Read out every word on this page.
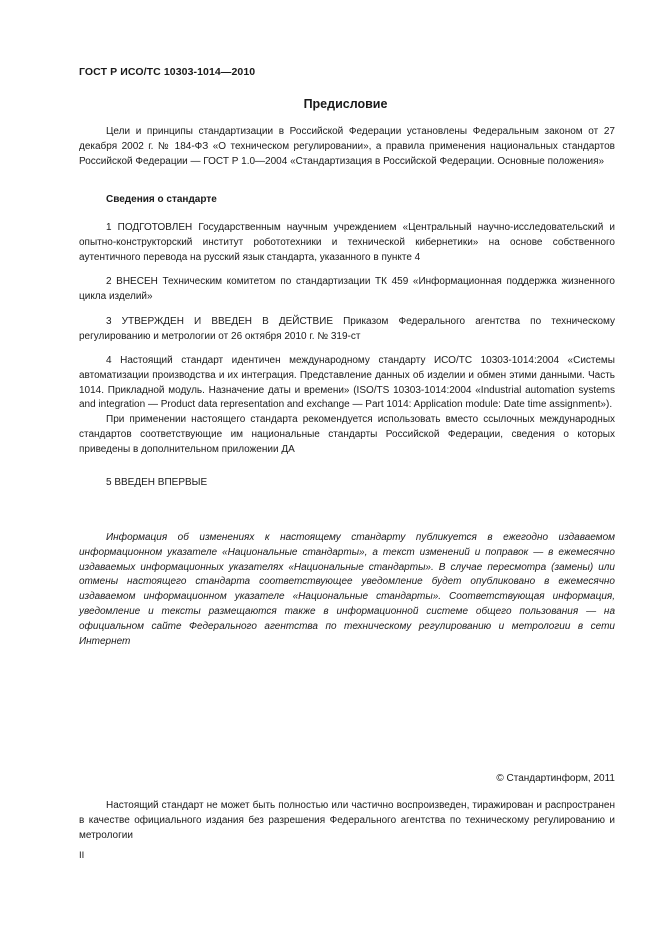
ГОСТ Р ИСО/ТС 10303-1014—2010
Предисловие

Цели и принципы стандартизации в Российской Федерации установлены Федеральным законом от 27 декабря 2002 г. № 184-ФЗ «О техническом регулировании», а правила применения национальных стандартов Российской Федерации — ГОСТ Р 1.0—2004 «Стандартизация в Российской Федерации. Основные положения»

Сведения о стандарте

1 ПОДГОТОВЛЕН Государственным научным учреждением «Центральный научно-исследовательский и опытно-конструкторский институт робототехники и технической кибернетики» на основе собственного аутентичного перевода на русский язык стандарта, указанного в пункте 4

2 ВНЕСЕН Техническим комитетом по стандартизации ТК 459 «Информационная поддержка жизненного цикла изделий»

3 УТВЕРЖДЕН И ВВЕДЕН В ДЕЙСТВИЕ Приказом Федерального агентства по техническому регулированию и метрологии от 26 октября 2010 г. № 319-ст

4 Настоящий стандарт идентичен международному стандарту ИСО/ТС 10303-1014:2004 «Системы автоматизации производства и их интеграция. Представление данных об изделии и обмен этими данными. Часть 1014. Прикладной модуль. Назначение даты и времени» (ISO/TS 10303-1014:2004 «Industrial automation systems and integration — Product data representation and exchange — Part 1014: Application module: Date time assignment»).

При применении настоящего стандарта рекомендуется использовать вместо ссылочных международных стандартов соответствующие им национальные стандарты Российской Федерации, сведения о которых приведены в дополнительном приложении ДА

5 ВВЕДЕН ВПЕРВЫЕ

Информация об изменениях к настоящему стандарту публикуется в ежегодно издаваемом информационном указателе «Национальные стандарты», а текст изменений и поправок — в ежемесячно издаваемых информационных указателях «Национальные стандарты». В случае пересмотра (замены) или отмены настоящего стандарта соответствующее уведомление будет опубликовано в ежемесячно издаваемом информационном указателе «Национальные стандарты». Соответствующая информация, уведомление и тексты размещаются также в информационной системе общего пользования — на официальном сайте Федерального агентства по техническому регулированию и метрологии в сети Интернет

© Стандартинформ, 2011

Настоящий стандарт не может быть полностью или частично воспроизведен, тиражирован и распространен в качестве официального издания без разрешения Федерального агентства по техническому регулированию и метрологии

II
